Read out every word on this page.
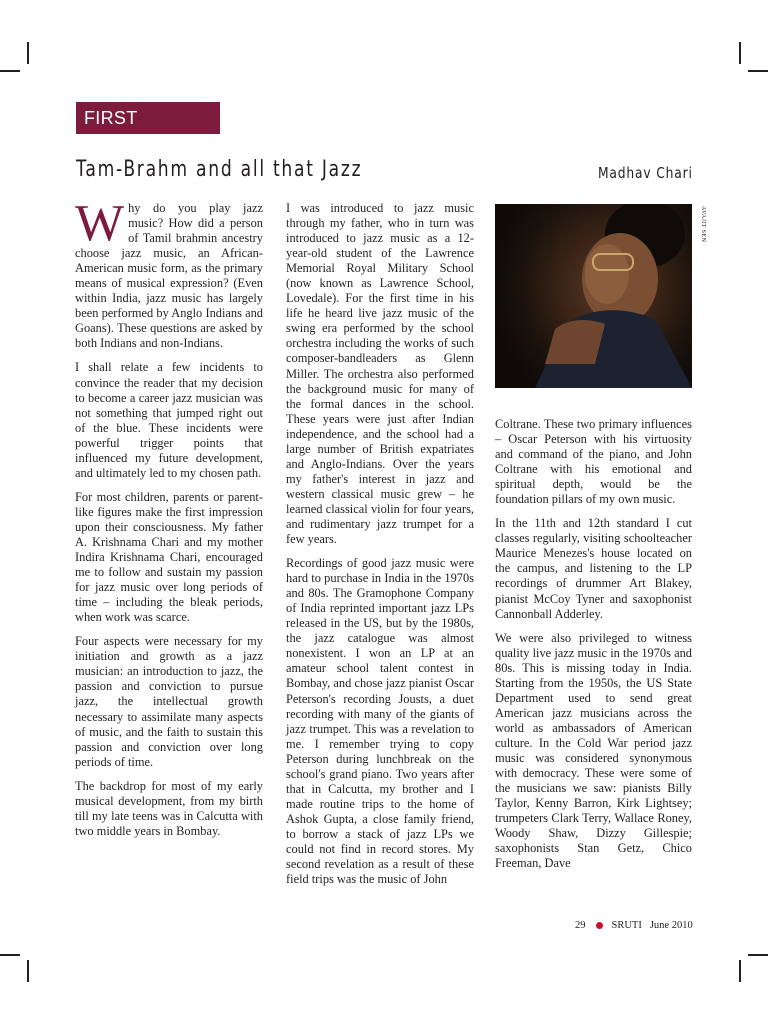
FIRST PERSON
Tam-Brahm and all that Jazz	Madhav Chari

Why do you play jazz music? How did a person of Tamil brahmin ancestry choose jazz music, an African-American music form, as the primary means of musical expression? (Even within India, jazz music has largely been performed by Anglo Indians and Goans). These questions are asked by both Indians and non-Indians.

I shall relate a few incidents to convince the reader that my decision to become a career jazz musician was not something that jumped right out of the blue. These incidents were powerful trigger points that influenced my future development, and ultimately led to my chosen path.

For most children, parents or parent-like figures make the first impression upon their consciousness. My father A. Krishnama Chari and my mother Indira Krishnama Chari, encouraged me to follow and sustain my passion for jazz music over long periods of time – including the bleak periods, when work was scarce.

Four aspects were necessary for my initiation and growth as a jazz musician: an introduction to jazz, the passion and conviction to pursue jazz, the intellectual growth necessary to assimilate many aspects of music, and the faith to sustain this passion and conviction over long periods of time.

The backdrop for most of my early musical development, from my birth till my late teens was in Calcutta with two middle years in Bombay.

I was introduced to jazz music through my father, who in turn was introduced to jazz music as a 12-year-old student of the Lawrence Memorial Royal Military School (now known as Lawrence School, Lovedale). For the first time in his life he heard live jazz music of the swing era performed by the school orchestra including the works of such composer-bandleaders as Glenn Miller. The orchestra also performed the background music for many of the formal dances in the school. These years were just after Indian independence, and the school had a large number of British expatriates and Anglo-Indians. Over the years my father's interest in jazz and western classical music grew – he learned classical violin for four years, and rudimentary jazz trumpet for a few years.

Recordings of good jazz music were hard to purchase in India in the 1970s and 80s. The Gramophone Company of India reprinted important jazz LPs released in the US, but by the 1980s, the jazz catalogue was almost nonexistent. I won an LP at an amateur school talent contest in Bombay, and chose jazz pianist Oscar Peterson's recording Jousts, a duet recording with many of the giants of jazz trumpet. This was a revelation to me. I remember trying to copy Peterson during lunchbreak on the school's grand piano. Two years after that in Calcutta, my brother and I made routine trips to the home of Ashok Gupta, a close family friend, to borrow a stack of jazz LPs we could not find in record stores. My second revelation as a result of these field trips was the music of John

AVAJIT SEN

Coltrane. These two primary influences – Oscar Peterson with his virtuosity and command of the piano, and John Coltrane with his emotional and spiritual depth, would be the foundation pillars of my own music.

In the 11th and 12th standard I cut classes regularly, visiting schoolteacher Maurice Menezes's house located on the campus, and listening to the LP recordings of drummer Art Blakey, pianist McCoy Tyner and saxophonist Cannonball Adderley.

We were also privileged to witness quality live jazz music in the 1970s and 80s. This is missing today in India. Starting from the 1950s, the US State Department used to send great American jazz musicians across the world as ambassadors of American culture. In the Cold War period jazz music was considered synonymous with democracy. These were some of the musicians we saw: pianists Billy Taylor, Kenny Barron, Kirk Lightsey; trumpeters Clark Terry, Wallace Roney, Woody Shaw, Dizzy Gillespie; saxophonists Stan Getz, Chico Freeman, Dave

29 SRUTI June 2010
